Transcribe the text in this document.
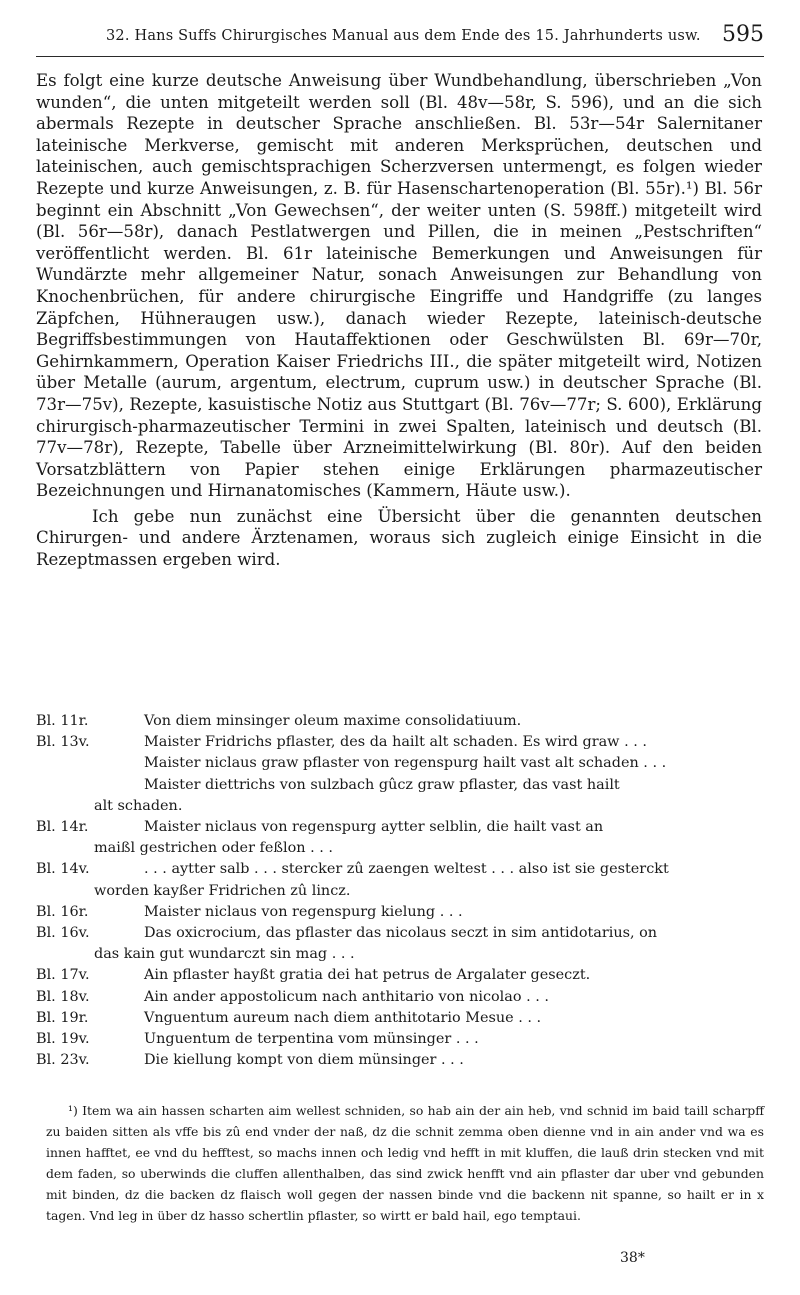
32. Hans Suffs Chirurgisches Manual aus dem Ende des 15. Jahrhunderts usw. 595

Es folgt eine kurze deutsche Anweisung über Wundbehandlung, überschrieben „Von wunden“, die unten mitgeteilt werden soll (Bl. 48v—58r, S. 596), und an die sich abermals Rezepte in deutscher Sprache anschließen. Bl. 53r—54r Salernitaner lateinische Merkverse, gemischt mit anderen Merksprüchen, deutschen und lateinischen, auch gemischtsprachigen Scherzversen untermengt, es folgen wieder Rezepte und kurze Anweisungen, z. B. für Hasenschartenoperation (Bl. 55r).¹) Bl. 56r beginnt ein Abschnitt „Von Gewechsen“, der weiter unten (S. 598ff.) mitgeteilt wird (Bl. 56r—58r), danach Pestlatwergen und Pillen, die in meinen „Pestschriften“ veröffentlicht werden. Bl. 61r lateinische Bemerkungen und Anweisungen für Wundärzte mehr allgemeiner Natur, sonach Anweisungen zur Behandlung von Knochenbrüchen, für andere chirurgische Eingriffe und Handgriffe (zu langes Zäpfchen, Hühneraugen usw.), danach wieder Rezepte, lateinisch-deutsche Begriffsbestimmungen von Hautaffektionen oder Geschwülsten Bl. 69r—70r, Gehirnkammern, Operation Kaiser Friedrichs III., die später mitgeteilt wird, Notizen über Metalle (aurum, argentum, electrum, cuprum usw.) in deutscher Sprache (Bl. 73r—75v), Rezepte, kasuistische Notiz aus Stuttgart (Bl. 76v—77r; S. 600), Erklärung chirurgisch-pharmazeutischer Termini in zwei Spalten, lateinisch und deutsch (Bl. 77v—78r), Rezepte, Tabelle über Arzneimittelwirkung (Bl. 80r). Auf den beiden Vorsatzblättern von Papier stehen einige Erklärungen pharmazeutischer Bezeichnungen und Hirnanatomisches (Kammern, Häute usw.).

Ich gebe nun zunächst eine Übersicht über die genannten deutschen Chirurgen- und andere Ärztenamen, woraus sich zugleich einige Einsicht in die Rezeptmassen ergeben wird.

Bl. 11r.	Von diem minsinger oleum maxime consolidatiuum.
Bl. 13v.	Maister Fridrichs pflaster, des da hailt alt schaden. Es wird graw . . .
Maister niclaus graw pflaster von regenspurg hailt vast alt schaden . . .
Maister diettrichs von sulzbach gûcz graw pflaster, das vast hailt
alt schaden.
Bl. 14r.	Maister niclaus von regenspurg aytter selblin, die hailt vast an
maißl gestrichen oder feßlon . . .
Bl. 14v.	. . . aytter salb . . . stercker zû zaengen weltest . . . also ist sie gesterckt
worden kayßer Fridrichen zû lincz.
Bl. 16r.	Maister niclaus von regenspurg kielung . . .
Bl. 16v.	Das oxicrocium, das pflaster das nicolaus seczt in sim antidotarius, on
das kain gut wundarczt sin mag . . .
Bl. 17v.	Ain pflaster hayßt gratia dei hat petrus de Argalater geseczt.
Bl. 18v.	Ain ander appostolicum nach anthitario von nicolao . . .
Bl. 19r.	Vnguentum aureum nach diem anthitotario Mesue . . .
Bl. 19v.	Unguentum de terpentina vom münsinger . . .
Bl. 23v.	Die kiellung kompt von diem münsinger . . .

¹) Item wa ain hassen scharten aim wellest schniden, so hab ain der ain heb, vnd schnid im baid taill scharpff zu baiden sitten als vffe bis zû end vnder der naß, dz die schnit zemma oben dienne vnd in ain ander vnd wa es innen hafftet, ee vnd du hefftest, so machs innen och ledig vnd hefft in mit kluffen, die lauß drin stecken vnd mit dem faden, so uberwinds die cluffen allenthalben, das sind zwick henfft vnd ain pflaster dar uber vnd gebunden mit binden, dz die backen dz flaisch woll gegen der nassen binde vnd die backenn nit spanne, so hailt er in x tagen. Vnd leg in über dz hasso schertlin pflaster, so wirtt er bald hail, ego temptaui.

38*
